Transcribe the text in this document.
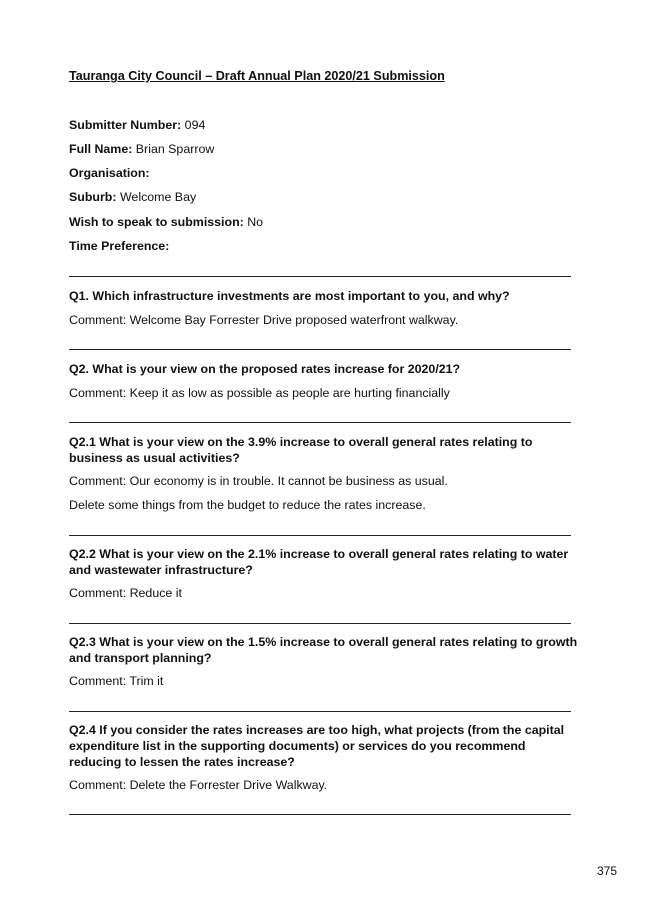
Tauranga City Council – Draft Annual Plan 2020/21 Submission
Submitter Number: 094
Full Name: Brian Sparrow
Organisation:
Suburb: Welcome Bay
Wish to speak to submission: No
Time Preference:
Q1. Which infrastructure investments are most important to you, and why?
Comment: Welcome Bay Forrester Drive proposed waterfront walkway.
Q2. What is your view on the proposed rates increase for 2020/21?
Comment: Keep it as low as possible as people are hurting financially
Q2.1 What is your view on the 3.9% increase to overall general rates relating to business as usual activities?
Comment: Our economy is in trouble. It cannot be business as usual.
Delete some things from the budget to reduce the rates increase.
Q2.2 What is your view on the 2.1% increase to overall general rates relating to water and wastewater infrastructure?
Comment: Reduce it
Q2.3 What is your view on the 1.5% increase to overall general rates relating to growth and transport planning?
Comment: Trim it
Q2.4 If you consider the rates increases are too high, what projects (from the capital expenditure list in the supporting documents) or services do you recommend reducing to lessen the rates increase?
Comment: Delete the Forrester Drive Walkway.
375
